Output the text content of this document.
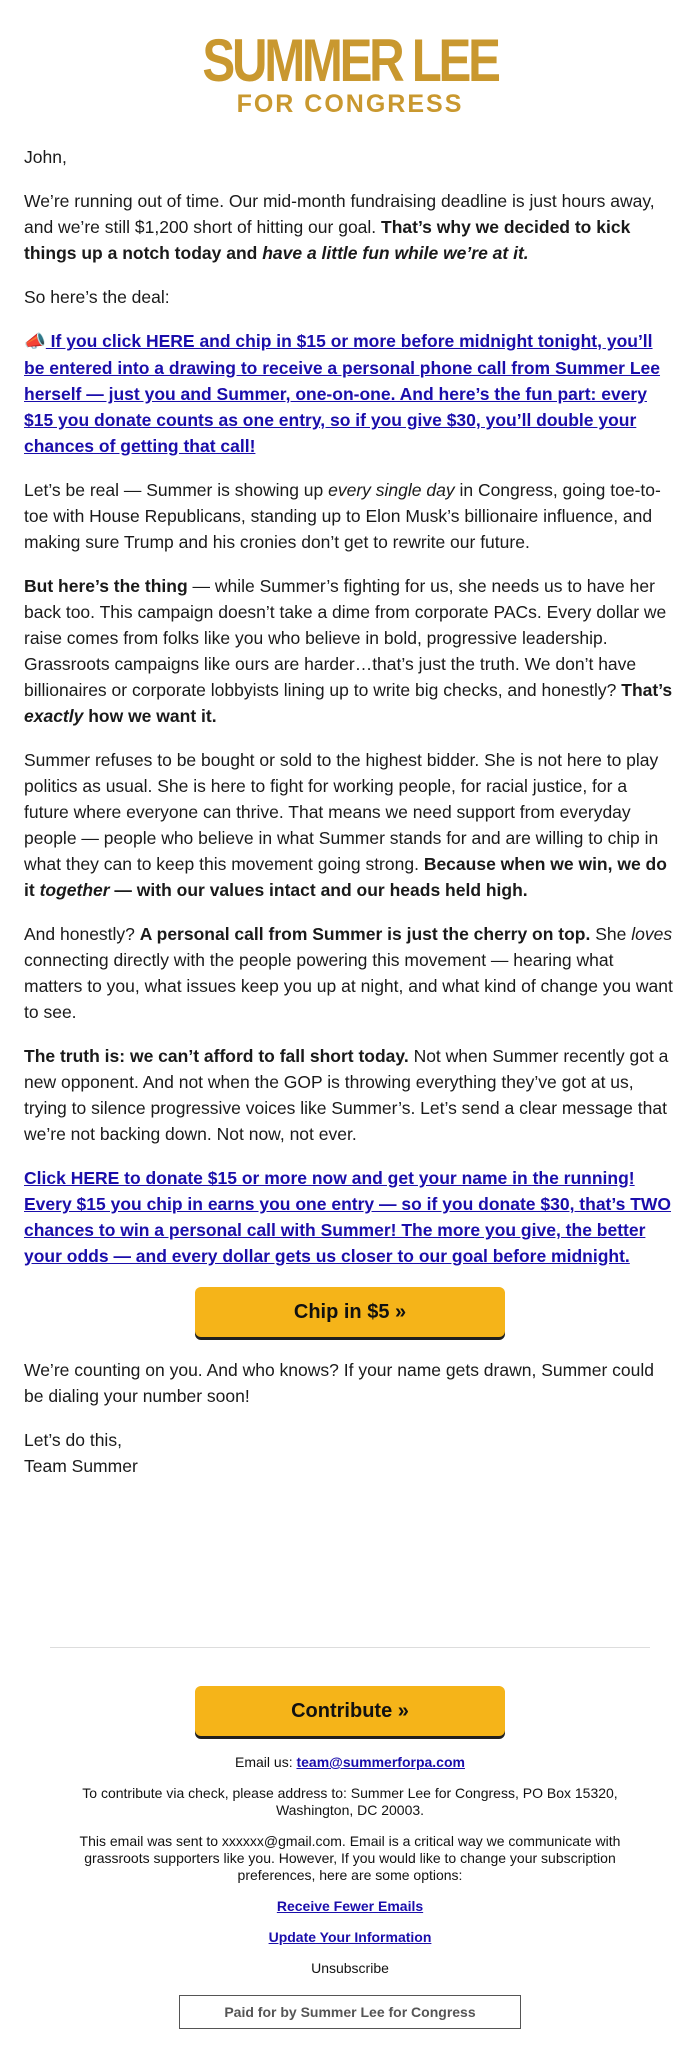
SUMMER LEE
FOR CONGRESS

John,

We’re running out of time. Our mid-month fundraising deadline is just hours away, and we’re still $1,200 short of hitting our goal. That’s why we decided to kick things up a notch today and have a little fun while we’re at it.

So here’s the deal:

📣 If you click HERE and chip in $15 or more before midnight tonight, you’ll be entered into a drawing to receive a personal phone call from Summer Lee herself — just you and Summer, one-on-one. And here’s the fun part: every $15 you donate counts as one entry, so if you give $30, you’ll double your chances of getting that call!

Let’s be real — Summer is showing up every single day in Congress, going toe-to-toe with House Republicans, standing up to Elon Musk’s billionaire influence, and making sure Trump and his cronies don’t get to rewrite our future.

But here’s the thing — while Summer’s fighting for us, she needs us to have her back too. This campaign doesn’t take a dime from corporate PACs. Every dollar we raise comes from folks like you who believe in bold, progressive leadership. Grassroots campaigns like ours are harder…that’s just the truth. We don’t have billionaires or corporate lobbyists lining up to write big checks, and honestly? That’s exactly how we want it.

Summer refuses to be bought or sold to the highest bidder. She is not here to play politics as usual. She is here to fight for working people, for racial justice, for a future where everyone can thrive. That means we need support from everyday people — people who believe in what Summer stands for and are willing to chip in what they can to keep this movement going strong. Because when we win, we do it together — with our values intact and our heads held high.

And honestly? A personal call from Summer is just the cherry on top. She loves connecting directly with the people powering this movement — hearing what matters to you, what issues keep you up at night, and what kind of change you want to see.

The truth is: we can’t afford to fall short today. Not when Summer recently got a new opponent. And not when the GOP is throwing everything they’ve got at us, trying to silence progressive voices like Summer’s. Let’s send a clear message that we’re not backing down. Not now, not ever.

Click HERE to donate $15 or more now and get your name in the running! Every $15 you chip in earns you one entry — so if you donate $30, that’s TWO chances to win a personal call with Summer! The more you give, the better your odds — and every dollar gets us closer to our goal before midnight.

Chip in $5 »

We’re counting on you. And who knows? If your name gets drawn, Summer could be dialing your number soon!

Let’s do this,
Team Summer

Contribute »

Email us: team@summerforpa.com

To contribute via check, please address to: Summer Lee for Congress, PO Box 15320, Washington, DC 20003.

This email was sent to xxxxxx@gmail.com. Email is a critical way we communicate with grassroots supporters like you. However, If you would like to change your subscription preferences, here are some options:

Receive Fewer Emails

Update Your Information

Unsubscribe

Paid for by Summer Lee for Congress
